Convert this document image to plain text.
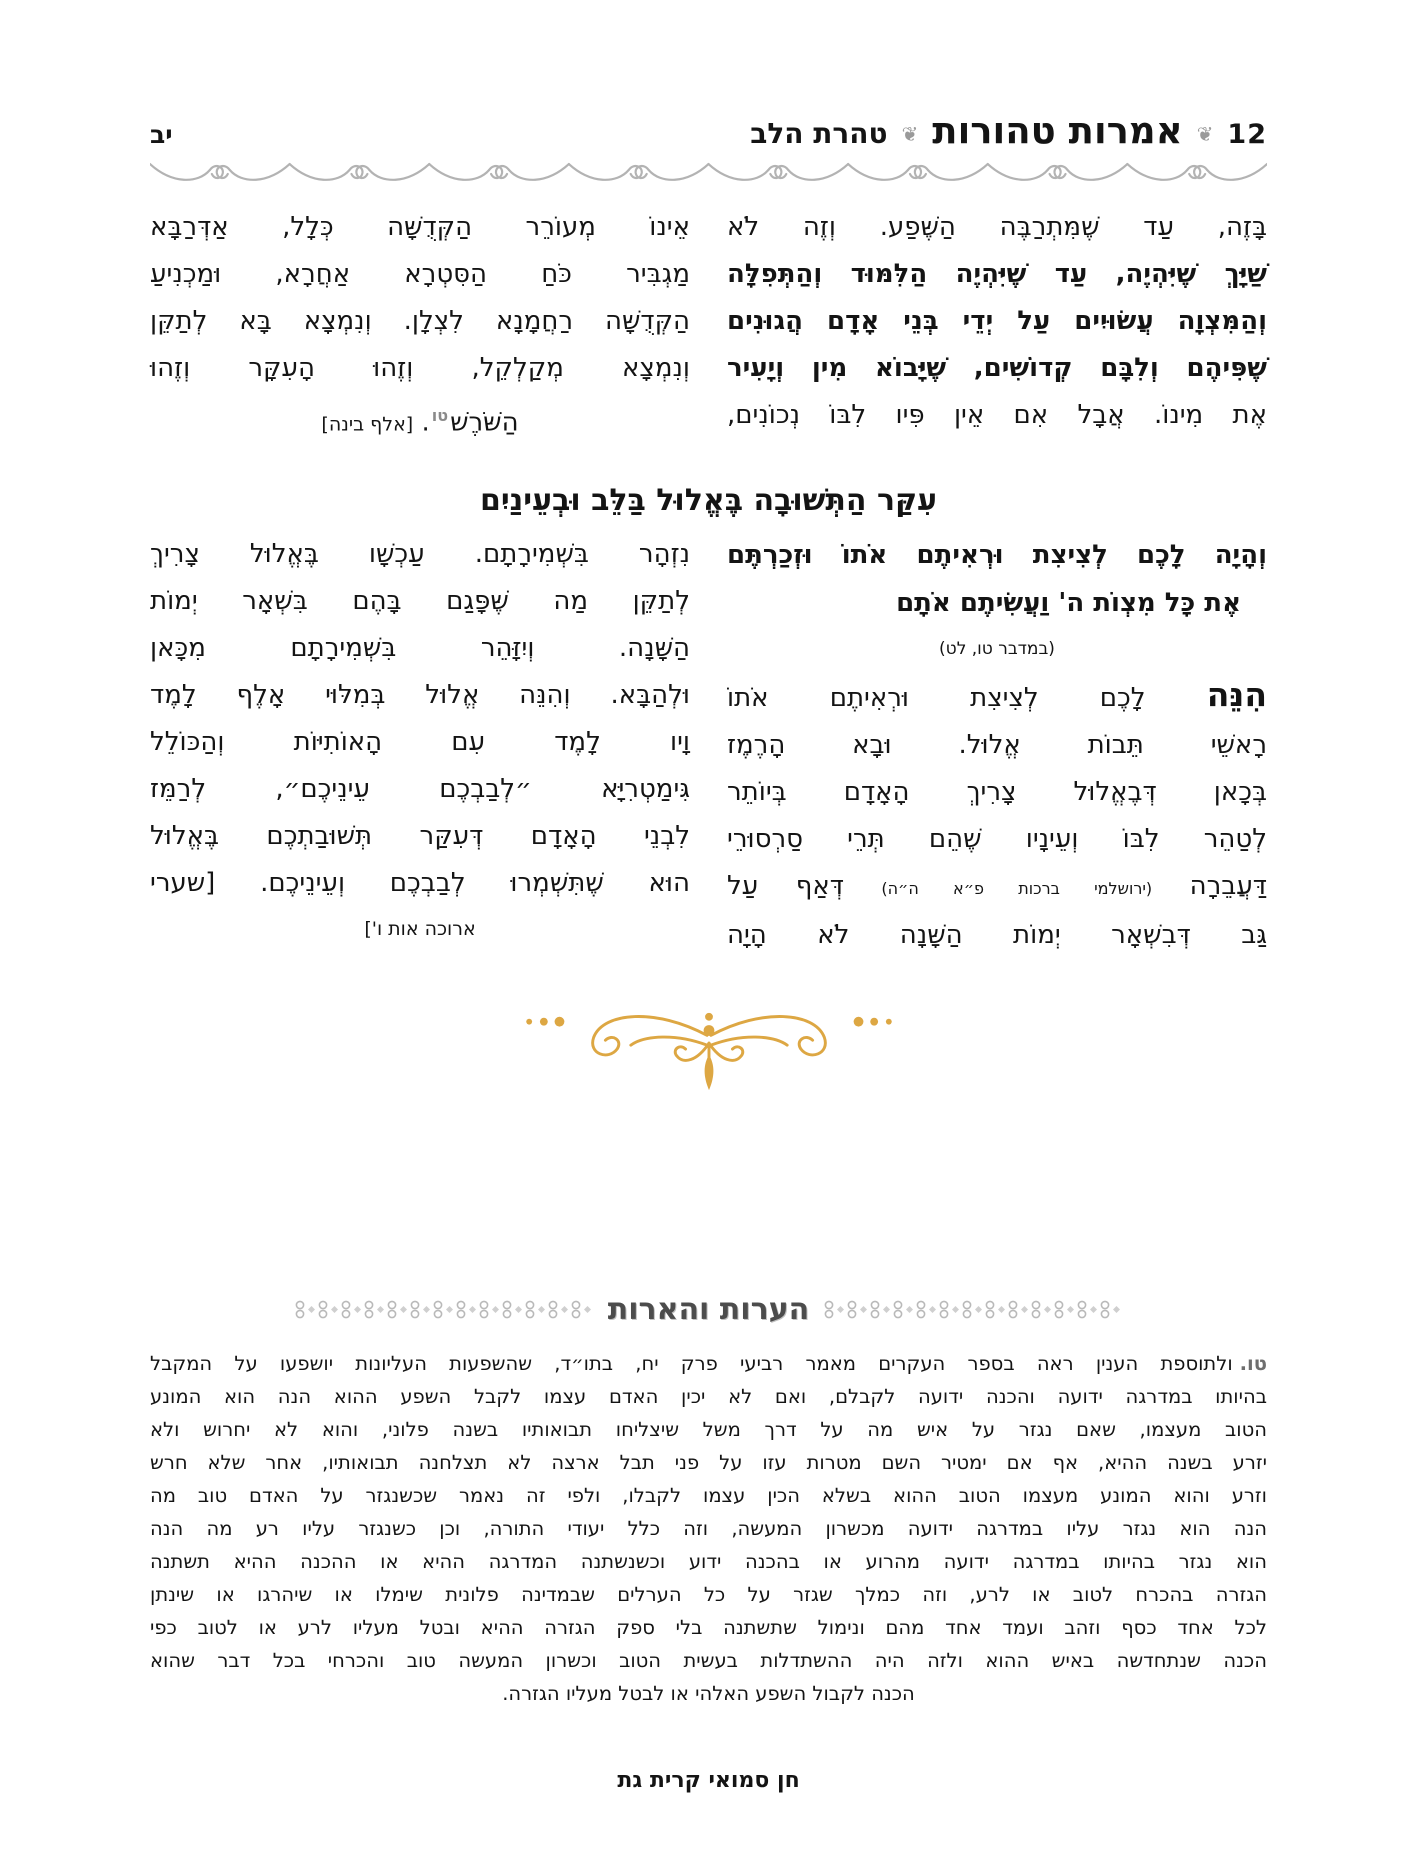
12
❦
אמרות טהורות
❦
טהרת הלב
יב
בָּזֶה, עַד שֶׁמִּתְרַבֶּה הַשֶּׁפַע. וְזֶה לֹא
שַׁיָּךְ שֶׁיִּהְיֶה, עַד שֶׁיִּהְיֶה הַלִּמּוּד וְהַתְּפִלָּה
וְהַמִּצְוָה עֲשׂוּיִים עַל יְדֵי בְּנֵי אָדָם הֲגוּנִים
שֶׁפִּיהֶם וְלִבָּם קְדוֹשִׁים, שֶׁיָּבוֹא מִין וְיָעִיר
אֶת מִינוֹ. אֲבָל אִם אֵין פִּיו לִבּוֹ נְכוֹנִים,
אֵינוֹ מְעוֹרֵר הַקְּדֻשָּׁה כְּלָל, אַדְּרַבָּא
מַגְבִּיר כֹּחַ הַסִּטְרָא אַחֲרָא, וּמַכְנִיעַ
הַקְּדֻשָּׁה רַחֲמָנָא לִצְלָן. וְנִמְצָא בָּא לְתַקֵּן
וְנִמְצָא מְקַלְקֵל, וְזֶהוּ הָעִקָּר וְזֶהוּ
הַשֹּׁרֶשׁ$^{טו}$. [אלף בינה]
עִקַּר הַתְּשׁוּבָה בֶּאֱלוּל בַּלֵּב וּבְעֵינַיִם
וְהָיָה לָכֶם לְצִיצִת וּרְאִיתֶם אֹתוֹ וּזְכַרְתֶּם
אֶת כָּל מִצְוֹת ה' וַעֲשִׂיתֶם אֹתָם
(במדבר טו, לט)
הִנֵּה לָכֶם לְצִיצִת וּרְאִיתֶם אֹתוֹ
רָאשֵׁי תֵּבוֹת אֱלוּל. וּבָא הָרֶמֶז
בְּכָאן דְּבֶאֱלוּל צָרִיךְ הָאָדָם בְּיוֹתֵר
לְטַהֵר לִבּוֹ וְעֵינָיו שֶׁהֵם תְּרֵי סַרְסוּרֵי
דַּעֲבֵרָה (ירושלמי ברכות פ״א ה״ה) דְּאַף עַל
גַּב דְּבִשְׁאָר יְמוֹת הַשָּׁנָה לֹא הָיָה
נִזְהָר בִּשְׁמִירָתָם. עַכְשָׁו בֶּאֱלוּל צָרִיךְ
לְתַקֵּן מַה שֶּׁפָּגַם בָּהֶם בִּשְׁאָר יְמוֹת
הַשָּׁנָה. וְיִזָּהֵר בִּשְׁמִירָתָם מִכָּאן
וּלְהַבָּא. וְהִנֵּה אֱלוּל בְּמִלּוּי אָלֶף לָמֶד
וָיו לָמֶד עִם הָאוֹתִיּוֹת וְהַכּוֹלֵל
גִּימַטְרִיָּא ״לְבַבְכֶם עֵינֵיכֶם״, לְרַמֵּז
לִבְנֵי הָאָדָם דְּעִקַּר תְּשׁוּבַתְכֶם בֶּאֱלוּל
הוּא שֶׁתִּשְׁמְרוּ לְבַבְכֶם וְעֵינֵיכֶם. [שערי
ארוכה אות ו']
הערות והארות
טו.ולתוספת הענין ראה בספר העקרים מאמר רביעי פרק יח, בתו״ד, שהשפעות העליונות יושפעו על המקבל
בהיותו במדרגה ידועה והכנה ידועה לקבלם, ואם לא יכין האדם עצמו לקבל השפע ההוא הנה הוא המונע
הטוב מעצמו, שאם נגזר על איש מה על דרך משל שיצליחו תבואותיו בשנה פלוני, והוא לא יחרוש ולא
יזרע בשנה ההיא, אף אם ימטיר השם מטרות עזו על פני תבל ארצה לא תצלחנה תבואותיו, אחר שלא חרש
וזרע והוא המונע מעצמו הטוב ההוא בשלא הכין עצמו לקבלו, ולפי זה נאמר שכשנגזר על האדם טוב מה
הנה הוא נגזר עליו במדרגה ידועה מכשרון המעשה, וזה כלל יעודי התורה, וכן כשנגזר עליו רע מה הנה
הוא נגזר בהיותו במדרגה ידועה מהרוע או בהכנה ידוע וכשנשתנה המדרגה ההיא או ההכנה ההיא תשתנה
הגזרה בהכרח לטוב או לרע, וזה כמלך שגזר על כל הערלים שבמדינה פלונית שימלו או שיהרגו או שינתן
לכל אחד כסף וזהב ועמד אחד מהם ונימול שתשתנה בלי ספק הגזרה ההיא ובטל מעליו לרע או לטוב כפי
הכנה שנתחדשה באיש ההוא ולזה היה ההשתדלות בעשית הטוב וכשרון המעשה טוב והכרחי בכל דבר שהוא
הכנה לקבול השפע האלהי או לבטל מעליו הגזרה.
חן סמואי קרית גת
